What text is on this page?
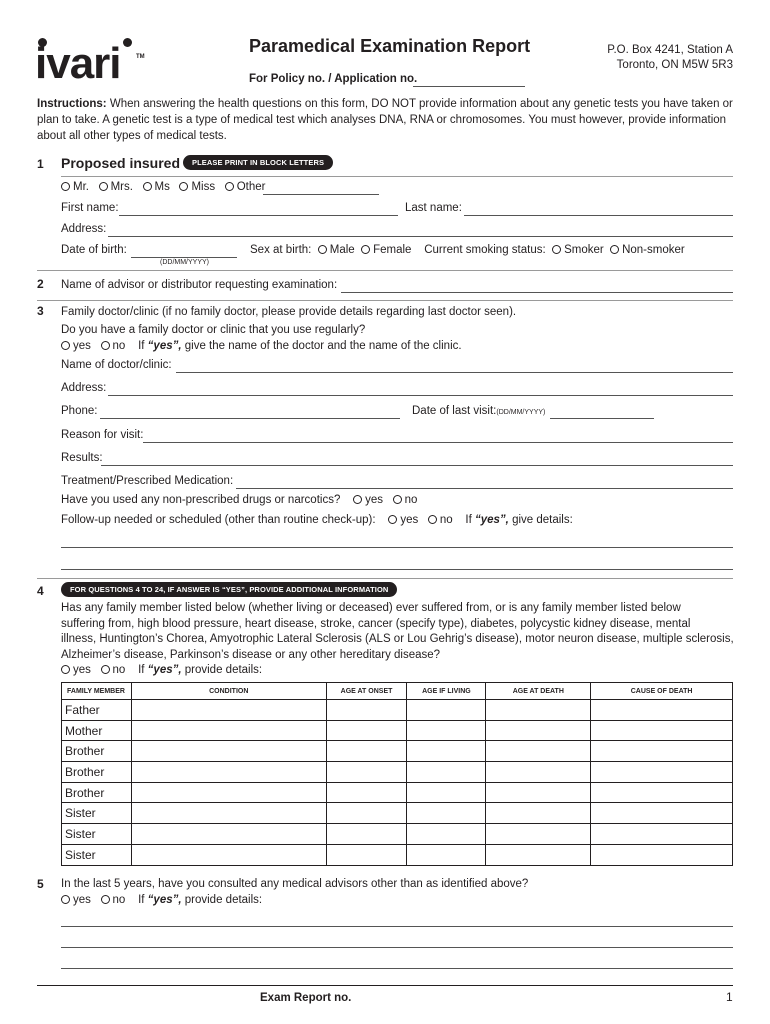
ivari	TM
Paramedical Examination Report
For Policy no. / Application no.
P.O. Box 4241, Station A
Toronto, ON M5W 5R3
Instructions: When answering the health questions on this form, DO NOT provide information about any genetic tests you have taken or plan to take. A genetic test is a type of medical test which analyses DNA, RNA or chromosomes. You must however, provide information about all other types of medical tests.
1 Proposed insured	PLEASE PRINT IN BLOCK LETTERS
Mr. Mrs. Ms Miss Other
First name:	Last name:
Address:
Date of birth:
(DD/MM/YYYY)
Sex at birth: Male Female Current smoking status: Smoker Non-smoker
2 Name of advisor or distributor requesting examination:
3 Family doctor/clinic (if no family doctor, please provide details regarding last doctor seen).
Do you have a family doctor or clinic that you use regularly?
yes no If “yes”, give the name of the doctor and the name of the clinic.
Name of doctor/clinic:
Address:
Phone:	Date of last visit:(DD/MM/YYYY)
Reason for visit:
Results:
Treatment/Prescribed Medication:
Have you used any non-prescribed drugs or narcotics? yes no
Follow-up needed or scheduled (other than routine check-up): yes no If “yes”, give details:
4	FOR QUESTIONS 4 TO 24, IF ANSWER IS “YES”, PROVIDE ADDITIONAL INFORMATION
Has any family member listed below (whether living or deceased) ever suffered from, or is any family member listed below
suffering from, high blood pressure, heart disease, stroke, cancer (specify type), diabetes, polycystic kidney disease, mental
illness, Huntington’s Chorea, Amyotrophic Lateral Sclerosis (ALS or Lou Gehrig’s disease), motor neuron disease, multiple sclerosis,
Alzheimer’s disease, Parkinson’s disease or any other hereditary disease?
yes no If “yes”, provide details:
FAMILY MEMBER	CONDITION	AGE AT ONSET	AGE IF LIVING	AGE AT DEATH	CAUSE OF DEATH
Father					
Mother					
Brother					
Brother					
Brother					
Sister					
Sister					
Sister					
5 In the last 5 years, have you consulted any medical advisors other than as identified above?
yes no If “yes”, provide details:
Exam Report no.	1
